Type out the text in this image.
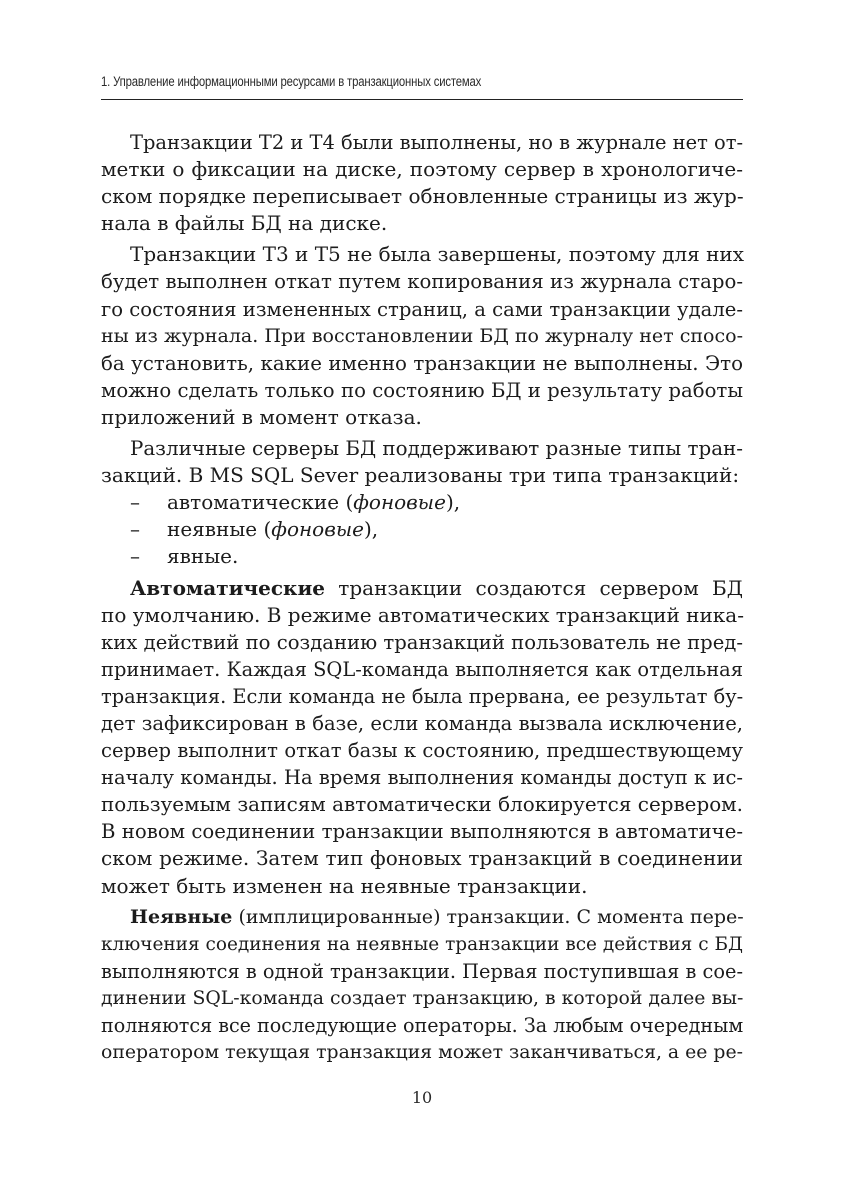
1. Управление информационными ресурсами в транзакционных системах
Транзакции Т2 и Т4 были выполнены, но в журнале нет от-
метки о фиксации на диске, поэтому сервер в хронологиче-
ском порядке переписывает обновленные страницы из жур-
нала в файлы БД на диске.
Транзакции Т3 и Т5 не была завершены, поэтому для них
будет выполнен откат путем копирования из журнала старо-
го состояния измененных страниц, а сами транзакции удале-
ны из журнала. При восстановлении БД по журналу нет спосо-
ба установить, какие именно транзакции не выполнены. Это
можно сделать только по состоянию БД и результату работы
приложений в момент отказа.
Различные серверы БД поддерживают разные типы тран-
закций. В MS SQL Sever реализованы три типа транзакций:
– автоматические (фоновые),
– неявные (фоновые),
– явные.
Автоматические транзакции создаются сервером БД
по умолчанию. В режиме автоматических транзакций ника-
ких действий по созданию транзакций пользователь не пред-
принимает. Каждая SQL-команда выполняется как отдельная
транзакция. Если команда не была прервана, ее результат бу-
дет зафиксирован в базе, если команда вызвала исключение,
сервер выполнит откат базы к состоянию, предшествующему
началу команды. На время выполнения команды доступ к ис-
пользуемым записям автоматически блокируется сервером.
В новом соединении транзакции выполняются в автоматиче-
ском режиме. Затем тип фоновых транзакций в соединении
может быть изменен на неявные транзакции.
Неявные (имплицированные) транзакции. С момента пере-
ключения соединения на неявные транзакции все действия с БД
выполняются в одной транзакции. Первая поступившая в сое-
динении SQL-команда создает транзакцию, в которой далее вы-
полняются все последующие операторы. За любым очередным
оператором текущая транзакция может заканчиваться, а ее ре-
10
